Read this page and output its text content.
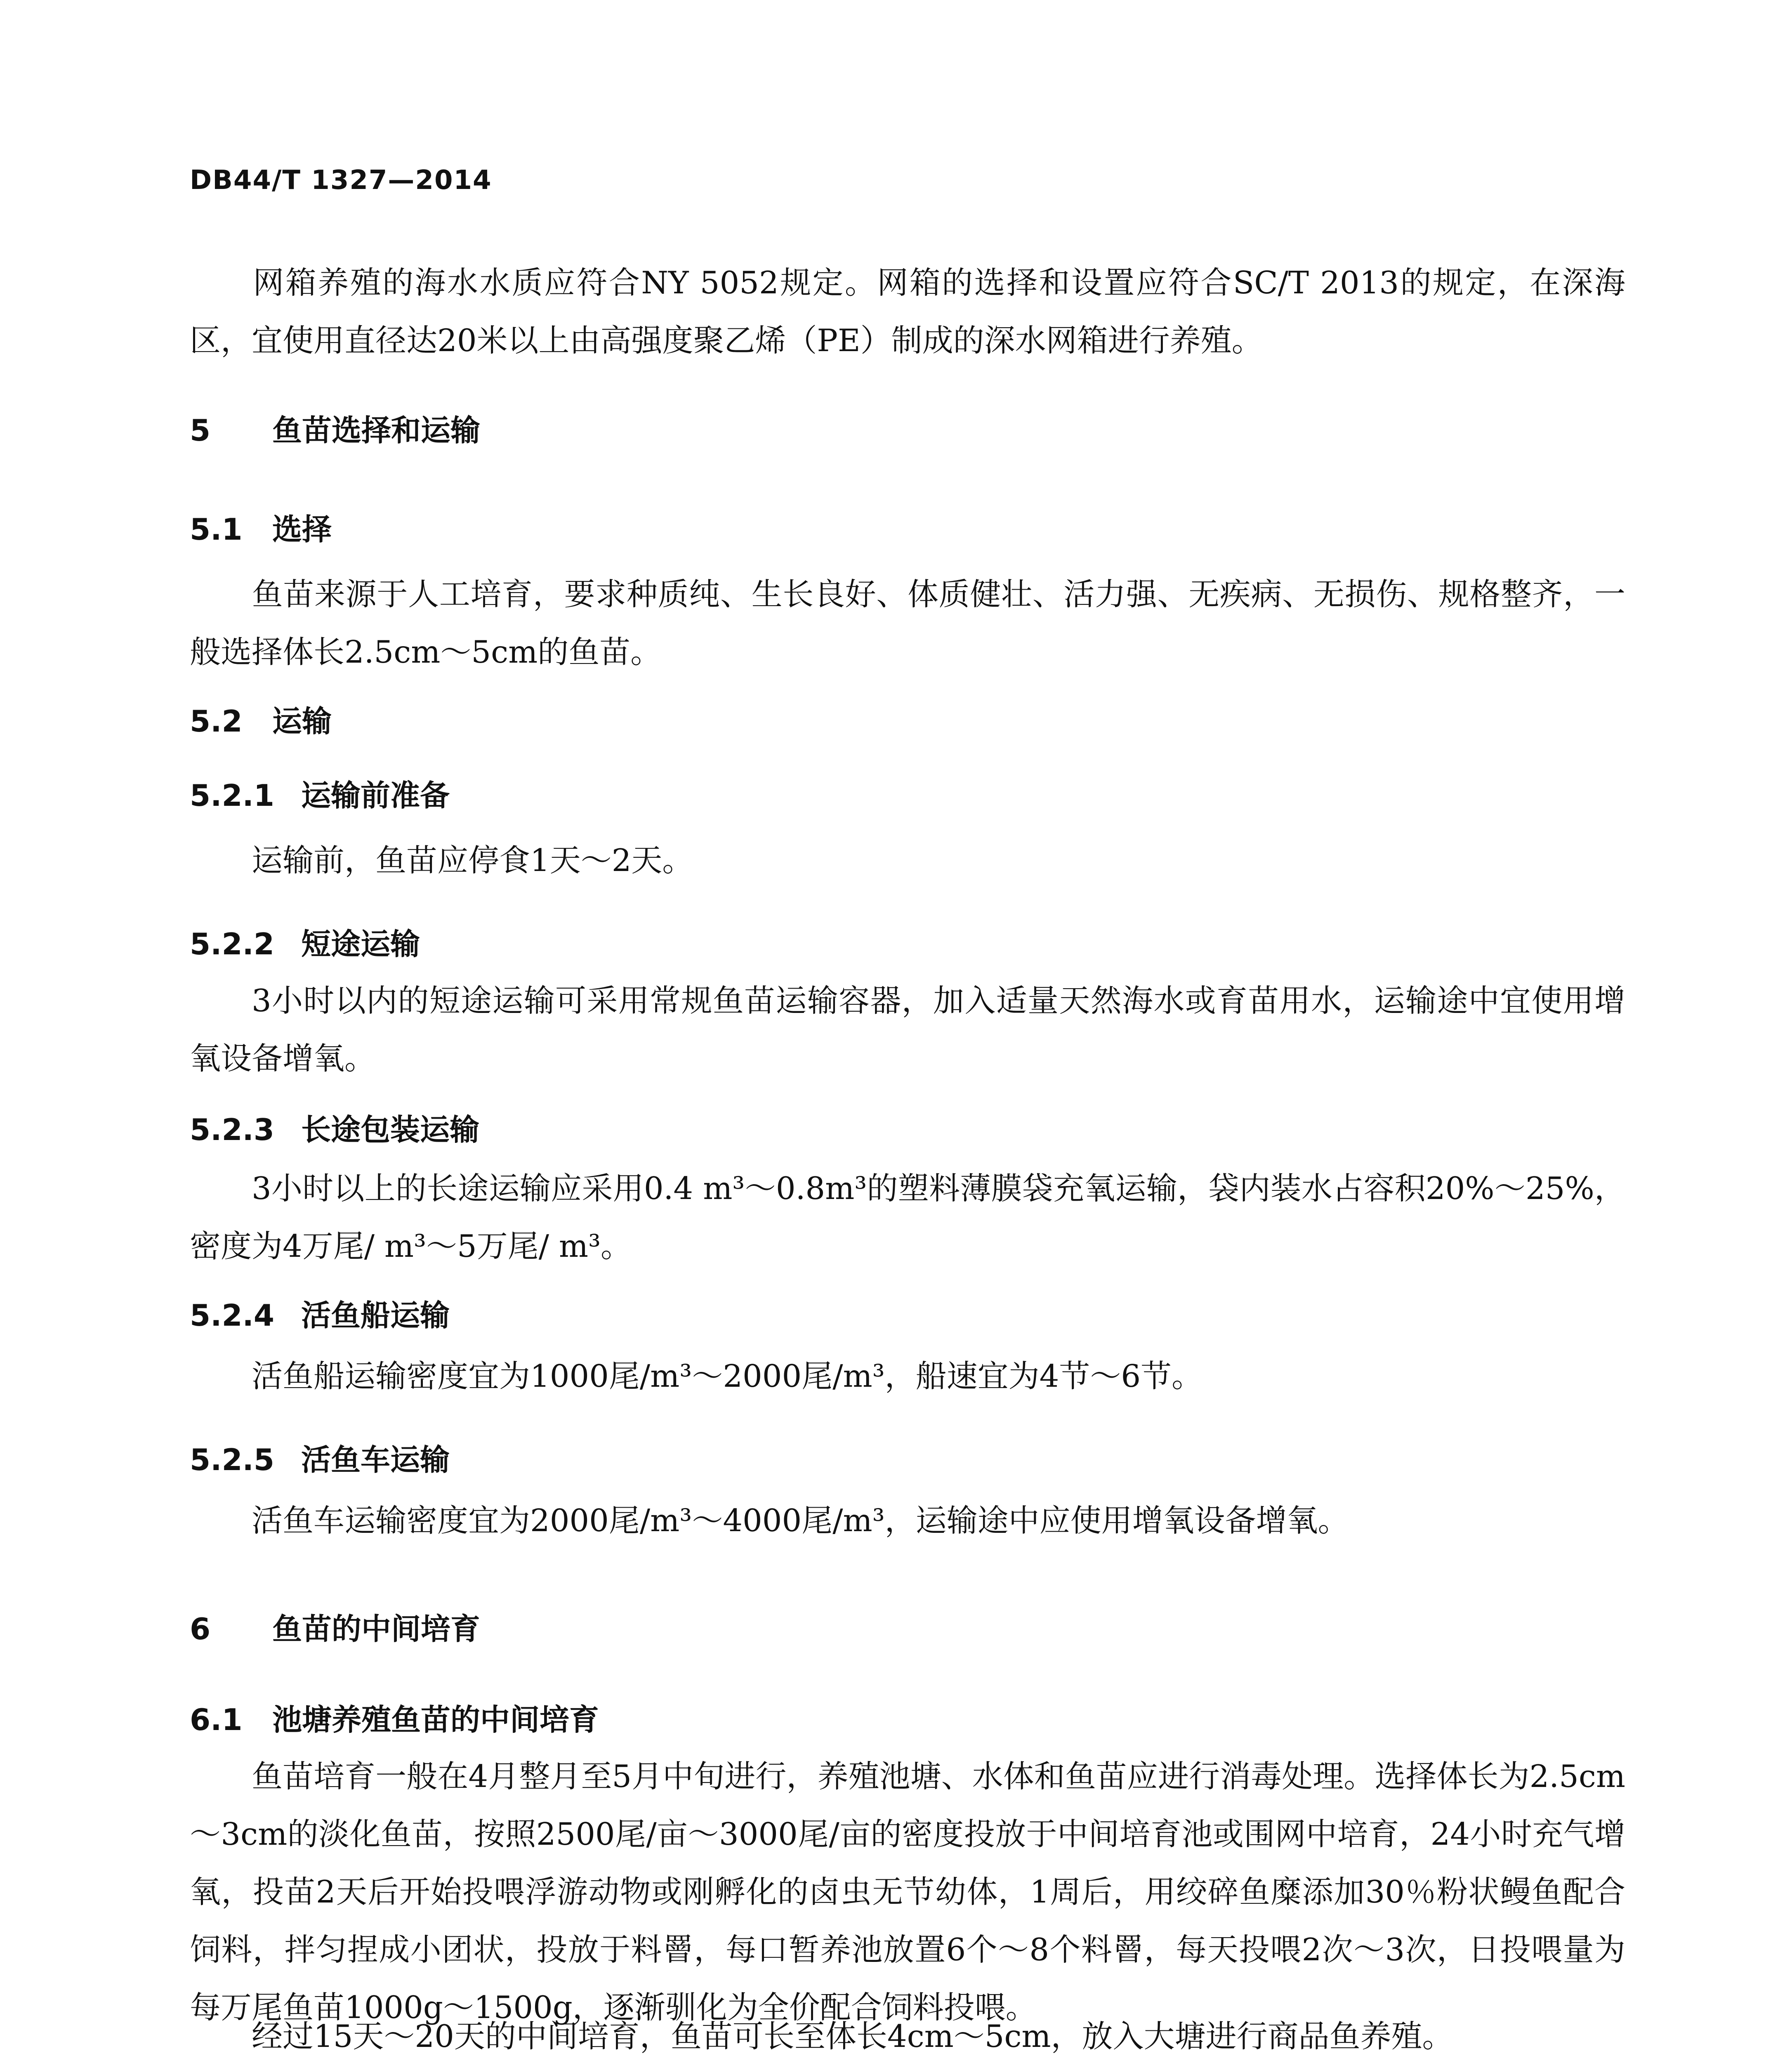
DB44/T 1327—2014

网箱养殖的海水水质应符合NY 5052规定。网箱的选择和设置应符合SC/T 2013的规定，在深海区，宜使用直径达20米以上由高强度聚乙烯（PE）制成的深水网箱进行养殖。

5 鱼苗选择和运输
5.1 选择

鱼苗来源于人工培育，要求种质纯、生长良好、体质健壮、活力强、无疾病、无损伤、规格整齐，一般选择体长2.5cm～5cm的鱼苗。

5.2 运输
5.2.1 运输前准备

运输前，鱼苗应停食1天～2天。

5.2.2 短途运输

3小时以内的短途运输可采用常规鱼苗运输容器，加入适量天然海水或育苗用水，运输途中宜使用增氧设备增氧。

5.2.3 长途包装运输

3小时以上的长途运输应采用0.4 m³～0.8m³的塑料薄膜袋充氧运输，袋内装水占容积20%～25%，密度为4万尾/ m³～5万尾/ m³。

5.2.4 活鱼船运输

活鱼船运输密度宜为1000尾/m³～2000尾/m³，船速宜为4节～6节。

5.2.5 活鱼车运输

活鱼车运输密度宜为2000尾/m³～4000尾/m³，运输途中应使用增氧设备增氧。

6 鱼苗的中间培育
6.1 池塘养殖鱼苗的中间培育

鱼苗培育一般在4月整月至5月中旬进行，养殖池塘、水体和鱼苗应进行消毒处理。选择体长为2.5cm～3cm的淡化鱼苗，按照2500尾/亩～3000尾/亩的密度投放于中间培育池或围网中培育，24小时充气增氧，投苗2天后开始投喂浮游动物或刚孵化的卤虫无节幼体，1周后，用绞碎鱼糜添加30％粉状鳗鱼配合饲料，拌匀捏成小团状，投放于料罾，每口暂养池放置6个～8个料罾，每天投喂2次～3次，日投喂量为每万尾鱼苗1000g～1500g，逐渐驯化为全价配合饲料投喂。

经过15天～20天的中间培育，鱼苗可长至体长4cm～5cm，放入大塘进行商品鱼养殖。
